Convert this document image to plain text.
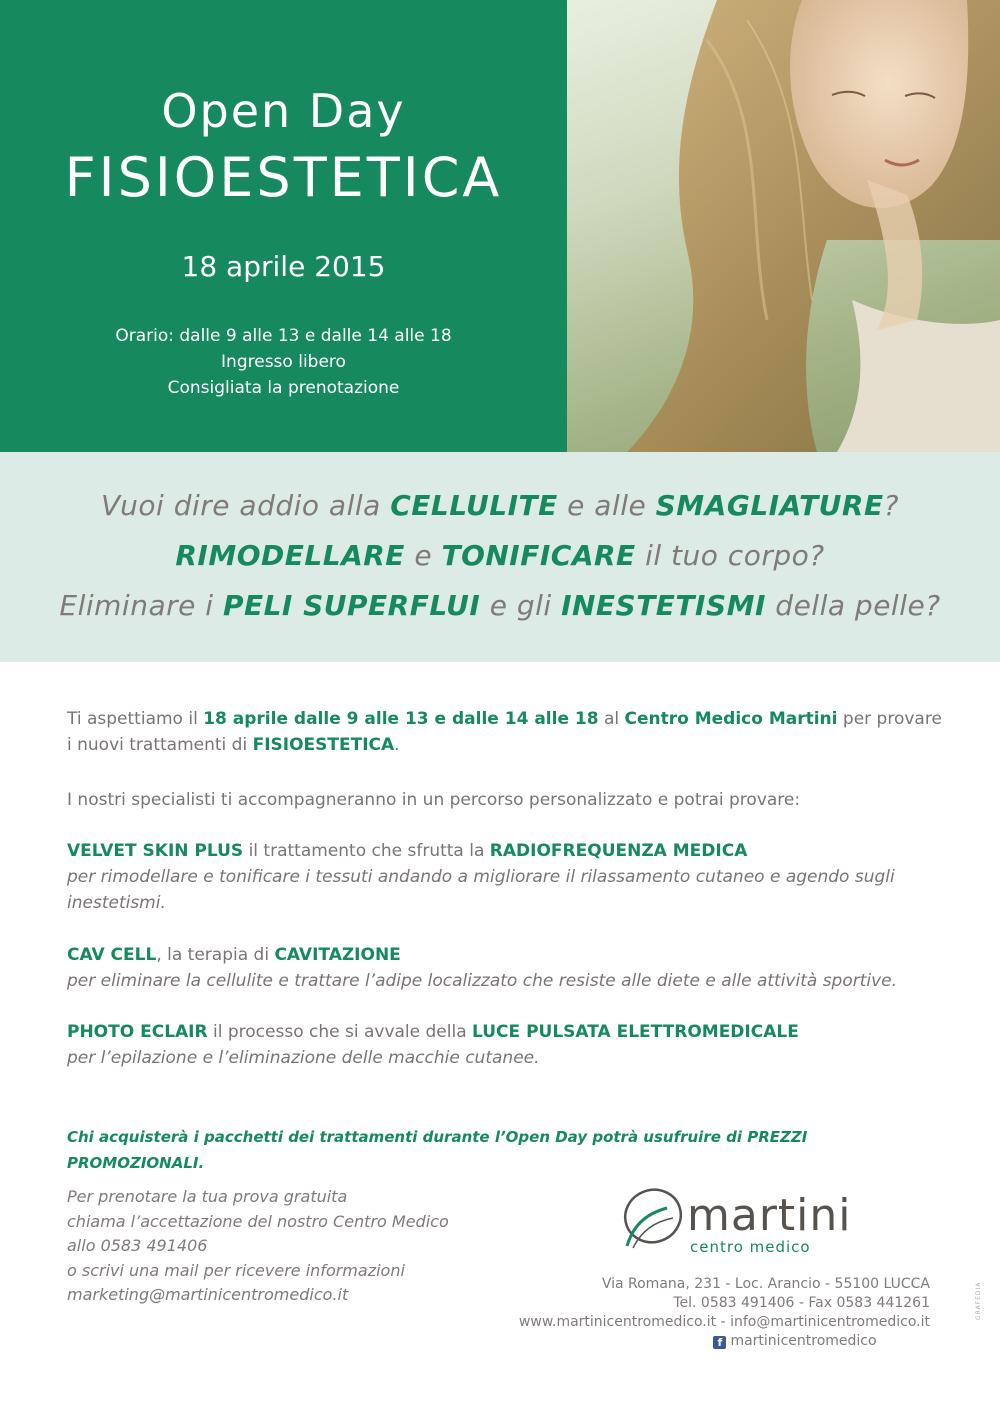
Open Day
FISIOESTETICA
18 aprile 2015
Orario: dalle 9 alle 13 e dalle 14 alle 18
Ingresso libero
Consigliata la prenotazione
Vuoi dire addio alla CELLULITE e alle SMAGLIATURE?
RIMODELLARE e TONIFICARE il tuo corpo?
Eliminare i PELI SUPERFLUI e gli INESTETISMI della pelle?
Ti aspettiamo il 18 aprile dalle 9 alle 13 e dalle 14 alle 18 al Centro Medico Martini per provare i nuovi trattamenti di FISIOESTETICA.
I nostri specialisti ti accompagneranno in un percorso personalizzato e potrai provare:
VELVET SKIN PLUS il trattamento che sfrutta la RADIOFREQUENZA MEDICA
per rimodellare e tonificare i tessuti andando a migliorare il rilassamento cutaneo e agendo sugli inestetismi.
CAV CELL, la terapia di CAVITAZIONE
per eliminare la cellulite e trattare l’adipe localizzato che resiste alle diete e alle attività sportive.
PHOTO ECLAIR il processo che si avvale della LUCE PULSATA ELETTROMEDICALE
per l’epilazione e l’eliminazione delle macchie cutanee.
Chi acquisterà i pacchetti dei trattamenti durante l’Open Day potrà usufruire di PREZZI PROMOZIONALI.
Per prenotare la tua prova gratuita
chiama l’accettazione del nostro Centro Medico
allo 0583 491406
o scrivi una mail per ricevere informazioni
marketing@martinicentromedico.it
martini
centro medico
Via Romana, 231 - Loc. Arancio - 55100 LUCCA
Tel. 0583 491406 - Fax 0583 441261
www.martinicentromedico.it - info@martinicentromedico.it
f martinicentromedico
GRAFEDIA
